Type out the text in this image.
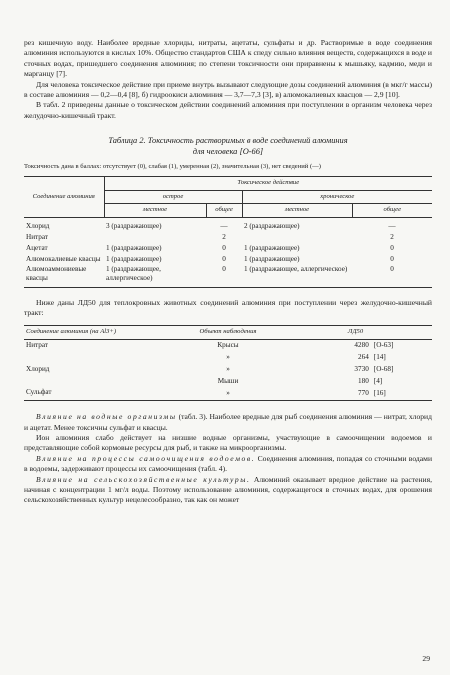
рез кишечную воду. Наиболее вредные хлориды, нитраты, ацетаты, сульфаты и др. Растворимые в воде соединения алюминия используются в кислых 10%. Общество стандартов США к спеду сильно влияния веществ, содержащихся в воде и сточных водах, пришедшего соединения алюминия; по степени токсичности они приравнены к мышьяку, кадмию, меди и марганцу [7].

Для человека токсическое действие при приеме внутрь вызывают следующие дозы соединений алюминия (в мкг/г массы) в составе алюминия — 0,2—0,4 [8], б) гидроокиси алюминия — 3,7—7,3 [3], в) алюмокалиевых квасцов — 2,9 [10].

В табл. 2 приведены данные о токсическом действии соединений алюминия при поступлении в организм человека через желудочно-кишечный тракт.

Таблица 2. Токсичность растворимых в воде соединений алюминия
для человека [О-66]

Токсичность дана в баллах: отсутствует (0), слабая (1), умеренная (2), значительная (3), нет сведений (—)

Соединение алюминия	Токсическое действие			
	острое		хроническое	
	местное	общее	местное	общее
Хлорид	3 (раздражающее)	—	2 (раздражающее)	—
Нитрат		2		2
Ацетат	1 (раздражающее)	0	1 (раздражающее)	0
Алюмокалиевые квасцы	1 (раздражающее)	0	1 (раздражающее)	0
Алюмоаммониевые квасцы	1 (раздражающее, аллергическое)	0	1 (раздражающее, аллергическое)	0

Ниже даны ЛД50 для теплокровных животных соединений алюминия при поступлении через желудочно-кишечный тракт:

Соединение алюминия (на Al3+)	Объект наблюдения	ЛД50	
Нитрат	Крысы	4280	[О-63]
	»	264	[14]
Хлорид	»	3730	[О-68]
	Мыши	180	[4]
Сульфат	»	770	[16]

Влияние на водные организмы (табл. 3). Наиболее вредные для рыб соединения алюминия — нитрат, хлорид и ацетат. Менее токсичны сульфат и квасцы.

Ион алюминия слабо действует на низшие водные организмы, участвующие в самоочищении водоемов и представляющие собой кормовые ресурсы для рыб, и также на микроорганизмы.

Влияние на процессы самоочищения водоемов. Соединения алюминия, попадая со сточными водами в водоемы, задерживают процессы их самоочищения (табл. 4).

Влияние на сельскохозяйственные культуры. Алюминий оказывает вредное действие на растения, начиная с концентрации 1 мг/л воды. Поэтому использование алюминия, содержащегося в сточных водах, для орошения сельскохозяйственных культур нецелесообразно, так как он может

29
